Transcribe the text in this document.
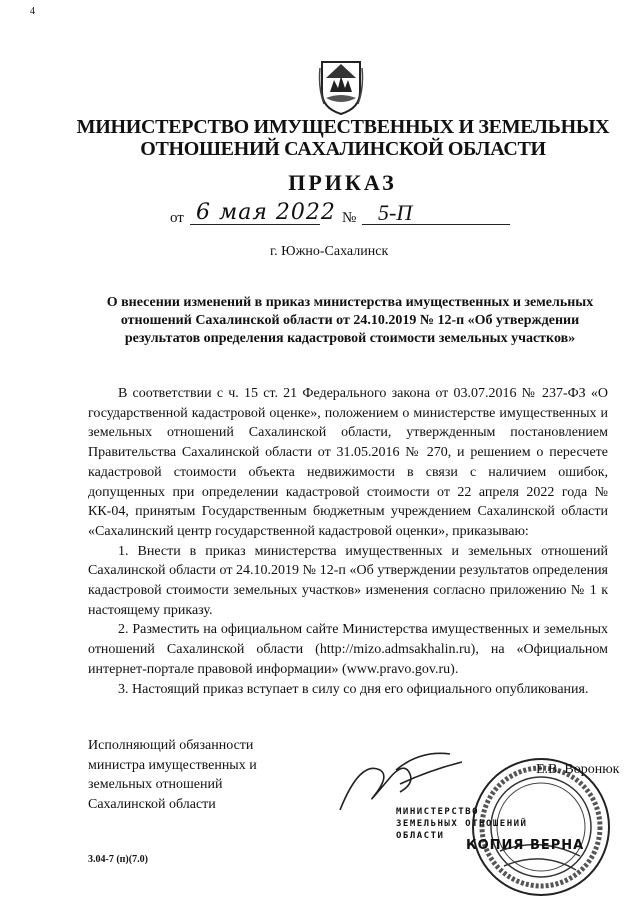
4
МИНИСТЕРСТВО ИМУЩЕСТВЕННЫХ И ЗЕМЕЛЬНЫХ ОТНОШЕНИЙ САХАЛИНСКОЙ ОБЛАСТИ
ПРИКАЗ
от 6 мая 2022 № 5-П
г. Южно-Сахалинск
О внесении изменений в приказ министерства имущественных и земельных отношений Сахалинской области от 24.10.2019 № 12-п «Об утверждении результатов определения кадастровой стоимости земельных участков»

В соответствии с ч. 15 ст. 21 Федерального закона от 03.07.2016 № 237-ФЗ «О государственной кадастровой оценке», положением о министерстве имущественных и земельных отношений Сахалинской области, утвержденным постановлением Правительства Сахалинской области от 31.05.2016 № 270, и решением о пересчете кадастровой стоимости объекта недвижимости в связи с наличием ошибок, допущенных при определении кадастровой стоимости от 22 апреля 2022 года № КК-04, принятым Государственным бюджетным учреждением Сахалинской области «Сахалинский центр государственной кадастровой оценки», приказываю:

1. Внести в приказ министерства имущественных и земельных отношений Сахалинской области от 24.10.2019 № 12-п «Об утверждении результатов определения кадастровой стоимости земельных участков» изменения согласно приложению № 1 к настоящему приказу.

2. Разместить на официальном сайте Министерства имущественных и земельных отношений Сахалинской области (http://mizo.admsakhalin.ru), на «Официальном интернет-портале правовой информации» (www.pravo.gov.ru).

3. Настоящий приказ вступает в силу со дня его официального опубликования.

Исполняющий обязанности
министра имущественных и
земельных отношений
Сахалинской области
Е.В. Воронюк
МИНИСТЕРСТВО
ЗЕМЕЛЬНЫХ ОТНОШЕНИЙ
ОБЛАСТИ
КОПИЯ ВЕРНА
3.04-7 (п)(7.0)
